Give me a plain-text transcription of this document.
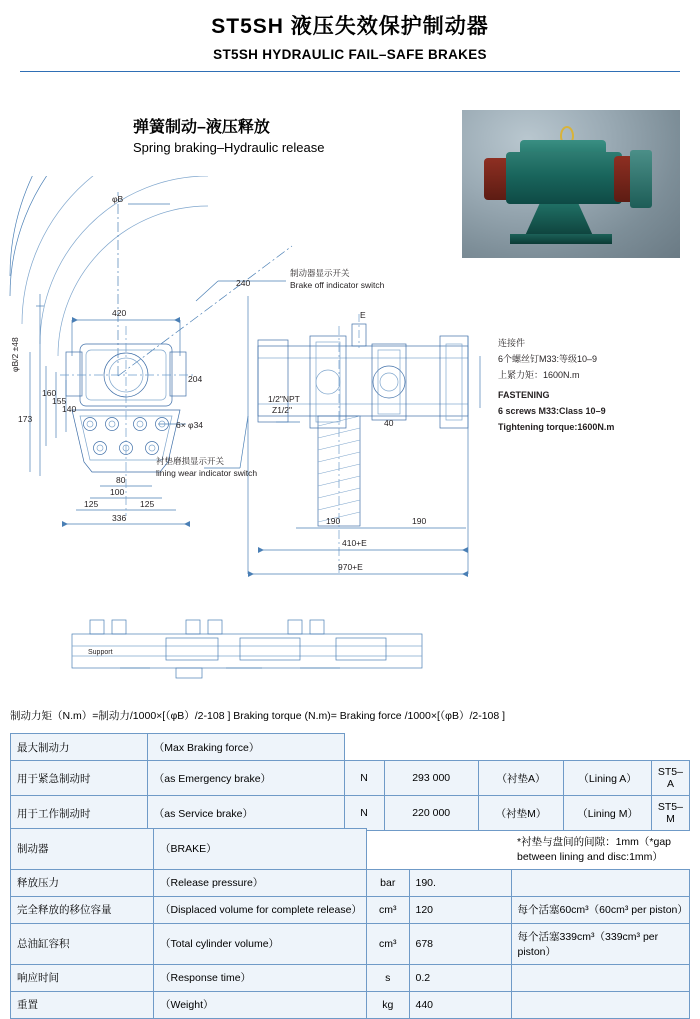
ST5SH 液压失效保护制动器
ST5SH HYDRAULIC FAIL–SAFE BRAKES
弹簧制动–液压释放
Spring braking–Hydraulic release
φB
φB/2 ±48
240
420
204
160
155
173
140
80
100
125	125
336
6× φ34
1/2"NPT
Z1/2"
40
E
190	190
410+E
970+E
制动器显示开关
Brake off indicator switch
衬垫磨损显示开关
lining wear indicator switch
Support
连接件
6个螺丝钉M33:等级10–9
上紧力矩：1600N.m
FASTENING
6 screws M33:Class 10–9
Tightening torque:1600N.m
制动力矩（N.m）=制动力/1000×[（φB）/2-108 ] Braking torque (N.m)= Braking force /1000×[（φB）/2-108 ]
最大制动力	（Max Braking force）					
用于紧急制动时	（as Emergency brake）	N	293 000	（衬垫A）	（Lining A）	ST5–A
用于工作制动时	（as Service brake）	N	220 000	（衬垫M）	（Lining M）	ST5–M
制动器	（BRAKE）			*衬垫与盘间的间隙：1mm（*gap between lining and disc:1mm）
释放压力	（Release pressure）	bar	190.	
完全释放的移位容量	（Displaced volume for complete release）	cm³	120	每个活塞60cm³（60cm³ per piston）
总油缸容积	（Total cylinder volume）	cm³	678	每个活塞339cm³（339cm³ per piston）
响应时间	（Response time）	s	0.2	
重置	（Weight）	kg	440	
